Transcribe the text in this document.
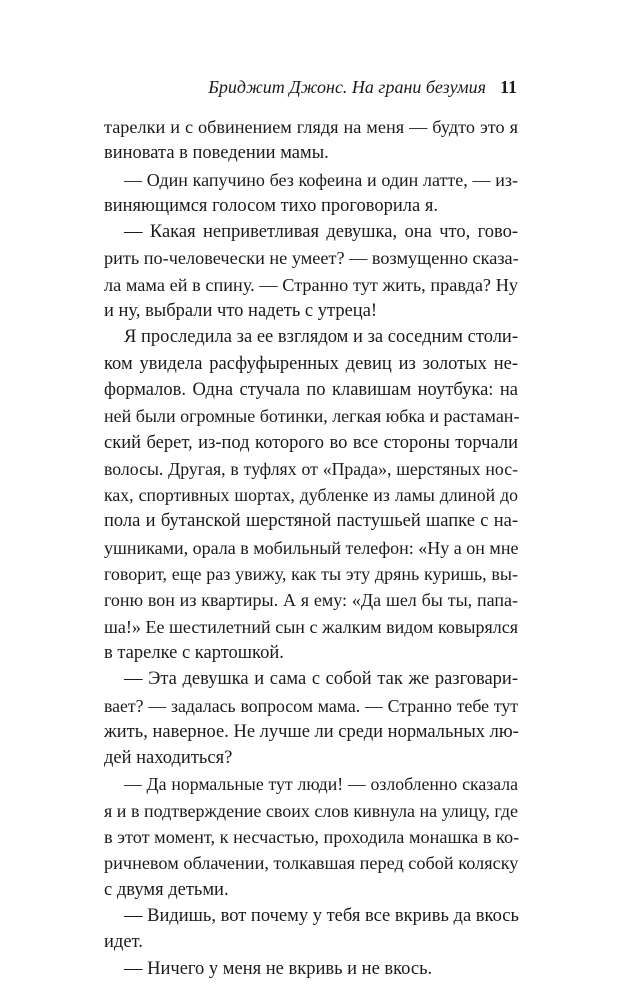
Бриджит Джонс. На грани безумия 11
тарелки и с обвинением глядя на меня — будто это я
виновата в поведении мамы.
— Один капучино без кофеина и один латте, — из-
виняющимся голосом тихо проговорила я.
— Какая неприветливая девушка, она что, гово-
рить по-человечески не умеет? — возмущенно сказа-
ла мама ей в спину. — Странно тут жить, правда? Ну
и ну, выбрали что надеть с утреца!
Я проследила за ее взглядом и за соседним столи-
ком увидела расфуфыренных девиц из золотых не-
формалов. Одна стучала по клавишам ноутбука: на
ней были огромные ботинки, легкая юбка и растаман-
ский берет, из-под которого во все стороны торчали
волосы. Другая, в туфлях от «Прада», шерстяных нос-
ках, спортивных шортах, дубленке из ламы длиной до
пола и бутанской шерстяной пастушьей шапке с на-
ушниками, орала в мобильный телефон: «Ну а он мне
говорит, еще раз увижу, как ты эту дрянь куришь, вы-
гоню вон из квартиры. А я ему: «Да шел бы ты, папа-
ша!» Ее шестилетний сын с жалким видом ковырялся
в тарелке с картошкой.
— Эта девушка и сама с собой так же разговари-
вает? — задалась вопросом мама. — Странно тебе тут
жить, наверное. Не лучше ли среди нормальных лю-
дей находиться?
— Да нормальные тут люди! — озлобленно сказала
я и в подтверждение своих слов кивнула на улицу, где
в этот момент, к несчастью, проходила монашка в ко-
ричневом облачении, толкавшая перед собой коляску
с двумя детьми.
— Видишь, вот почему у тебя все вкривь да вкось
идет.
— Ничего у меня не вкривь и не вкось.
